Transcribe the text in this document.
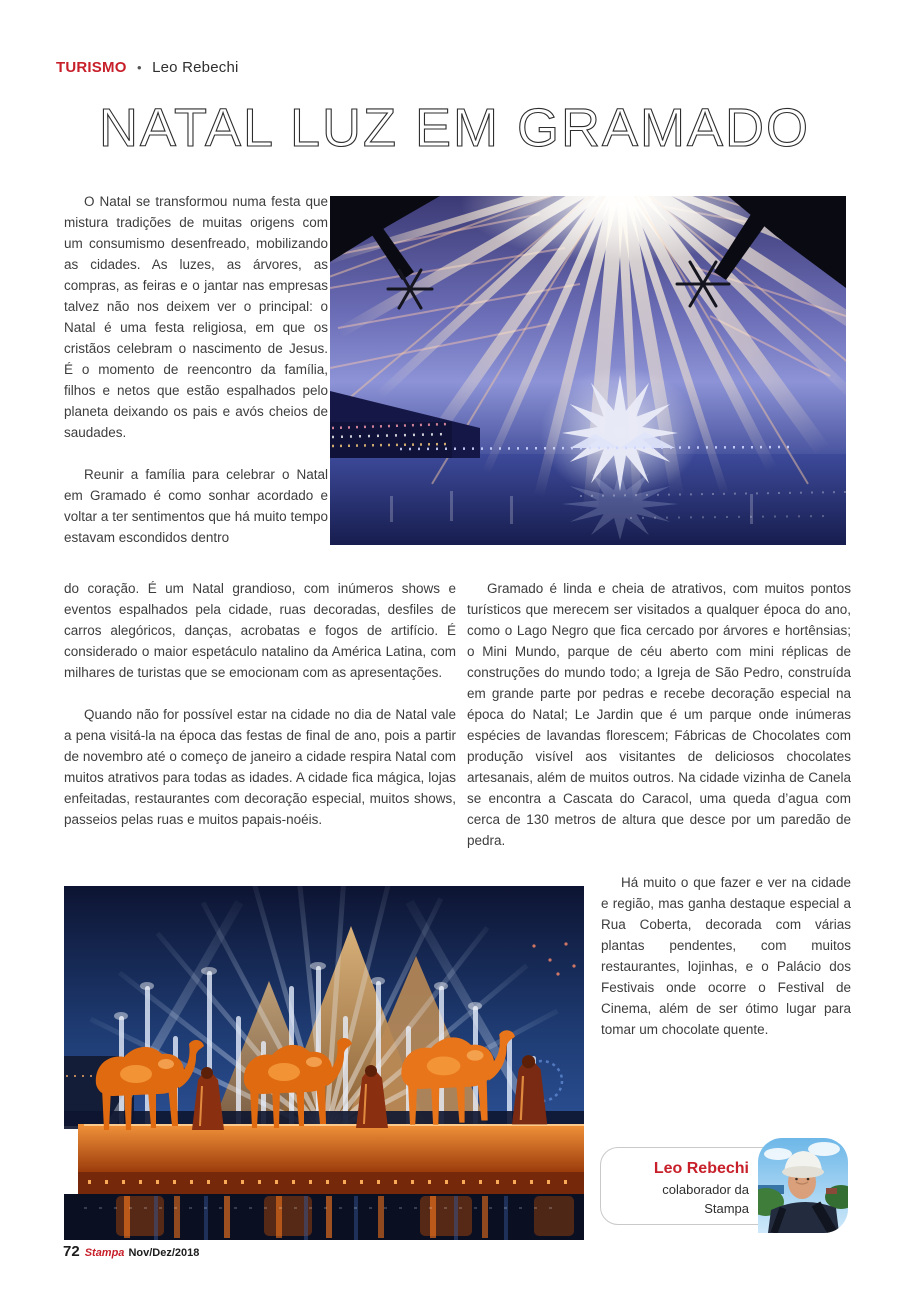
TURISMO • Leo Rebechi
NATAL LUZ EM GRAMADO

O Natal se transformou numa festa que mistura tradições de muitas origens com um consumismo desenfreado, mobilizando as cidades. As luzes, as árvores, as compras, as feiras e o jantar nas empresas talvez não nos deixem ver o principal: o Natal é uma festa religiosa, em que os cristãos celebram o nascimento de Jesus. É o momento de reencontro da família, filhos e netos que estão espalhados pelo planeta deixando os pais e avós cheios de saudades.

Reunir a família para celebrar o Natal em Gramado é como sonhar acordado e voltar a ter sentimentos que há muito tempo estavam escondidos dentro

do coração. É um Natal grandioso, com inúmeros shows e eventos espalhados pela cidade, ruas decoradas, desfiles de carros alegóricos, danças, acrobatas e fogos de artifício. É considerado o maior espetáculo natalino da América Latina, com milhares de turistas que se emocionam com as apresentações.

Quando não for possível estar na cidade no dia de Natal vale a pena visitá-la na época das festas de final de ano, pois a partir de novembro até o começo de janeiro a cidade respira Natal com muitos atrativos para todas as idades. A cidade fica mágica, lojas enfeitadas, restaurantes com decoração especial, muitos shows, passeios pelas ruas e muitos papais-noéis.

Gramado é linda e cheia de atrativos, com muitos pontos turísticos que merecem ser visitados a qualquer época do ano, como o Lago Negro que fica cercado por árvores e hortênsias; o Mini Mundo, parque de céu aberto com mini réplicas de construções do mundo todo; a Igreja de São Pedro, construída em grande parte por pedras e recebe decoração especial na época do Natal; Le Jardin que é um parque onde inúmeras espécies de lavandas florescem; Fábricas de Chocolates com produção visível aos visitantes de deliciosos chocolates artesanais, além de muitos outros. Na cidade vizinha de Canela se encontra a Cascata do Caracol, uma queda d’agua com cerca de 130 metros de altura que desce por um paredão de pedra.

Há muito o que fazer e ver na cidade e região, mas ganha destaque especial a Rua Coberta, decorada com várias plantas pendentes, com muitos restaurantes, lojinhas, e o Palácio dos Festivais onde ocorre o Festival de Cinema, além de ser ótimo lugar para tomar um chocolate quente.

Leo Rebechi
colaborador da
Stampa
72 Stampa Nov/Dez/2018
